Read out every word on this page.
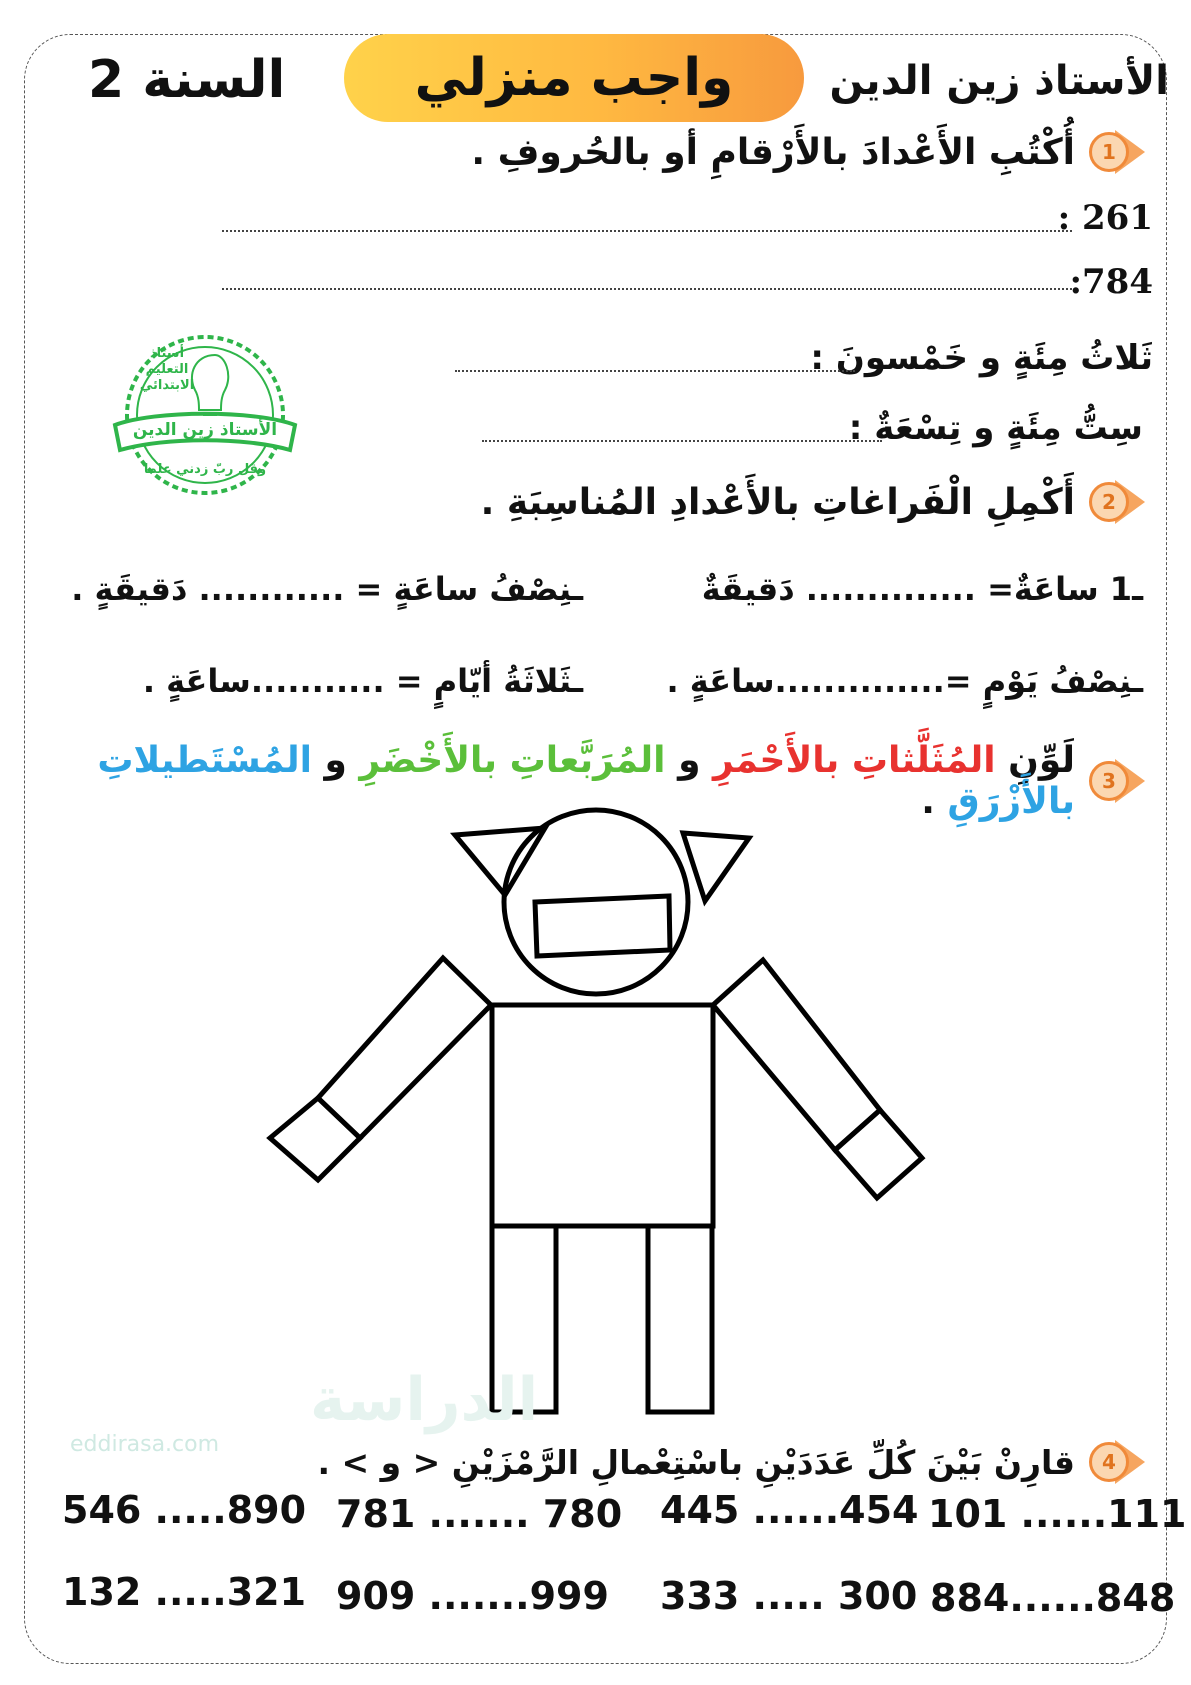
الأستاذ زين الدين
واجب منزلي
السنة 2
1
أُكْتُبِ الأَعْدادَ بالأَرْقامِ أو بالحُروفِ .
: 261
:784
ثَلاثُ مِئَةٍ و خَمْسونَ :
سِتُّ مِئَةٍ و تِسْعَةٌ :
أستاذ
التعليم
الابتدائي
الأستاذ زين الدين
وقل ربّ زدني علما
2
أَكْمِلِ الْفَراغاتِ بالأَعْدادِ المُناسِبَةِ .
ـ1 ساعَةٌ= .............. دَقيقَةٌ
ـنِصْفُ ساعَةٍ = ............ دَقيقَةٍ .
ـنِصْفُ يَوْمٍ =..............ساعَةٍ .
ـثَلاثَةُ أيّامٍ = ...........ساعَةٍ .
3
لَوِّنِ المُثَلَّثاتِ بالأَحْمَرِ و المُرَبَّعاتِ بالأَخْضَرِ و المُسْتَطيلاتِ بالأَزْرَقِ .
الدراسة
eddirasa.com
4
قارِنْ بَيْنَ كُلِّ عَدَدَيْنِ باسْتِعْمالِ الرَّمْزَيْنِ < و > .
546 .....890 781 ....... 780 445 ......454 101 ......111
132 .....321 909 .......999 333 ..... 300 884......848
